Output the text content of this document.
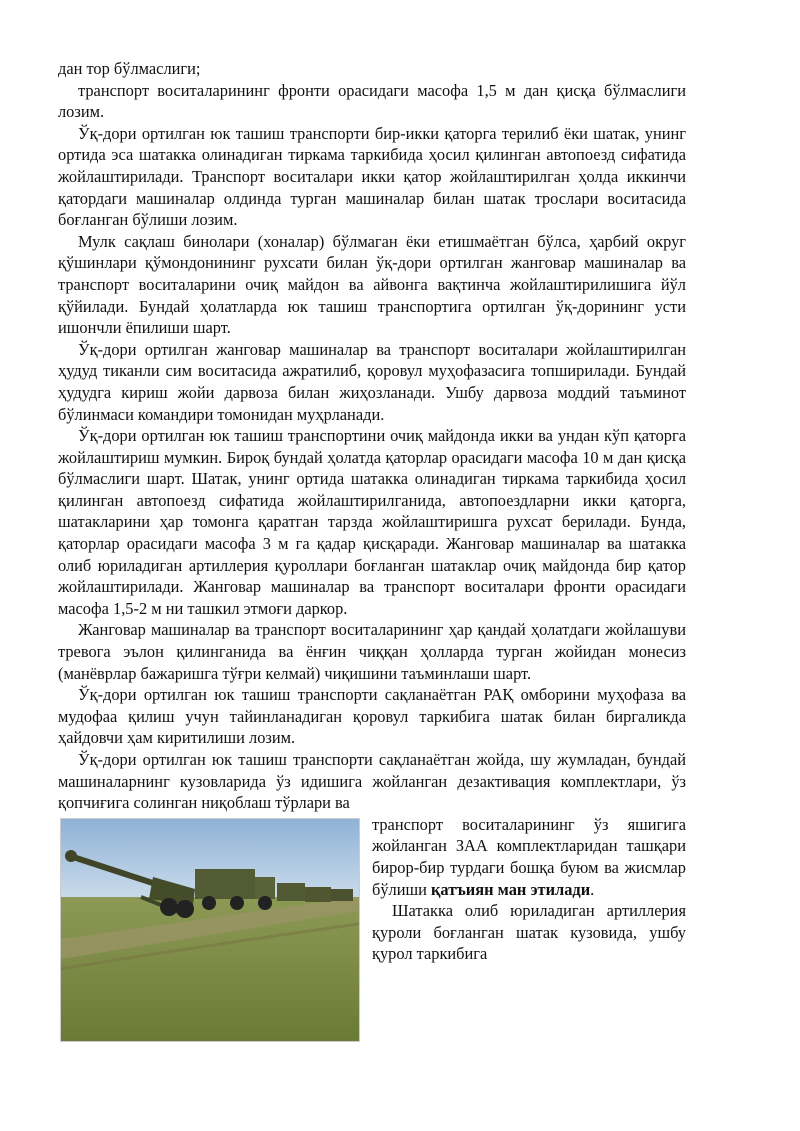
дан тор бўлмаслиги;

транспорт воситаларининг фронти орасидаги масофа 1,5 м дан қисқа бўлмаслиги лозим.

Ўқ-дори ортилган юк ташиш транспорти бир-икки қаторга терилиб ёки шатак, унинг ортида эса шатакка олинадиган тиркама таркибида ҳосил қилинган автопоезд сифатида жойлаштирилади. Транспорт воситалари икки қатор жойлаштирилган ҳолда иккинчи қатордаги машиналар олдинда турган машиналар билан шатак трослари воситасида боғланган бўлиши лозим.

Мулк сақлаш бинолари (хоналар) бўлмаган ёки етишмаётган бўлса, ҳарбий округ қўшинлари қўмондонининг рухсати билан ўқ-дори ортилган жанговар машиналар ва транспорт воситаларини очиқ майдон ва айвонга вақтинча жойлаштирилишига йўл қўйилади. Бундай ҳолатларда юк ташиш транспортига ортилган ўқ-дорининг усти ишончли ёпилиши шарт.

Ўқ-дори ортилган жанговар машиналар ва транспорт воситалари жойлаштирилган ҳудуд тиканли сим воситасида ажратилиб, қоровул муҳофазасига топширилади. Бундай ҳудудга кириш жойи дарвоза билан жиҳозланади. Ушбу дарвоза моддий таъминот бўлинмаси командири томонидан муҳрланади.

Ўқ-дори ортилган юк ташиш транспортини очиқ майдонда икки ва ундан кўп қаторга жойлаштириш мумкин. Бироқ бундай ҳолатда қаторлар орасидаги масофа 10 м дан қисқа бўлмаслиги шарт. Шатак, унинг ортида шатакка олинадиган тиркама таркибида ҳосил қилинган автопоезд сифатида жойлаштирилганида, автопоездларни икки қаторга, шатакларини ҳар томонга қаратган тарзда жойлаштиришга рухсат берилади. Бунда, қаторлар орасидаги масофа 3 м га қадар қисқаради. Жанговар машиналар ва шатакка олиб юриладиган артиллерия қуроллари боғланган шатаклар очиқ майдонда бир қатор жойлаштирилади. Жанговар машиналар ва транспорт воситалари фронти орасидаги масофа 1,5-2 м ни ташкил этмоғи даркор.

Жанговар машиналар ва транспорт воситаларининг ҳар қандай ҳолатдаги жойлашуви тревога эълон қилинганида ва ёнғин чиққан ҳолларда турган жойидан монесиз (манёврлар бажаришга тўғри келмай) чиқишини таъминлаши шарт.

Ўқ-дори ортилган юк ташиш транспорти сақланаётган РАҚ омборини муҳофаза ва мудофаа қилиш учун тайинланадиган қоровул таркибига шатак билан биргаликда ҳайдовчи ҳам киритилиши лозим.

Ўқ-дори ортилган юк ташиш транспорти сақланаётган жойда, шу жумладан, бундай машиналарнинг кузовларида ўз идишига жойланган дезактивация комплектлари, ўз қопчиғига солинган ниқоблаш тўрлари ва

транспорт воситаларининг ўз яшигига жойланган ЗАА комплектларидан ташқари бирор-бир турдаги бошқа буюм ва жисмлар бўлиши қатъиян ман этилади.

Шатакка олиб юриладиган артиллерия қуроли боғланган шатак кузовида, ушбу қурол таркибига
